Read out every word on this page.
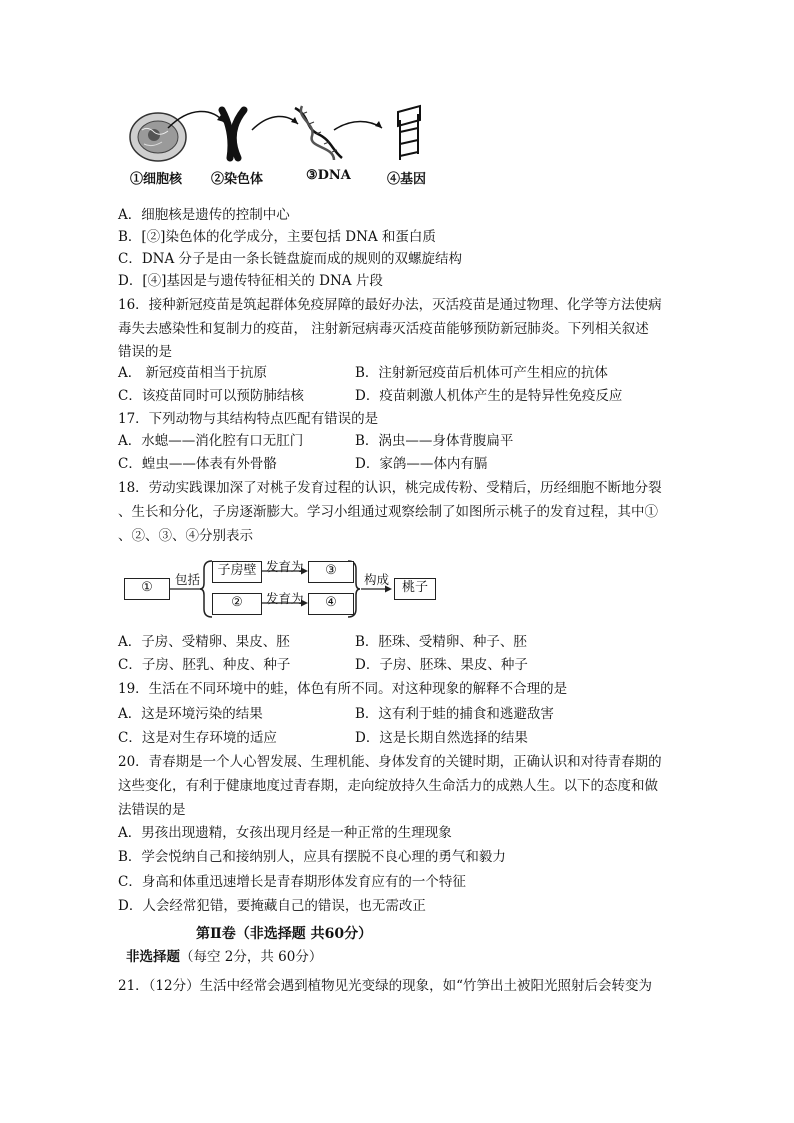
①细胞核 ②染色体	③DNA	④基因
A．细胞核是遗传的控制中心
B．[②]染色体的化学成分，主要包括 DNA 和蛋白质
C．DNA 分子是由一条长链盘旋而成的规则的双螺旋结构
D．[④]基因是与遗传特征相关的 DNA 片段
16．接种新冠疫苗是筑起群体免疫屏障的最好办法，灭活疫苗是通过物理、化学等方法使病
毒失去感染性和复制力的疫苗， 注射新冠病毒灭活疫苗能够预防新冠肺炎。下列相关叙述
错误的是
A． 新冠疫苗相当于抗原	B．注射新冠疫苗后机体可产生相应的抗体
C．该疫苗同时可以预防肺结核	D．疫苗刺激人机体产生的是特异性免疫反应
17．下列动物与其结构特点匹配有错误的是
A．水螅——消化腔有口无肛门	B．涡虫——身体背腹扁平
C．蝗虫——体表有外骨骼	D．家鸽——体内有膈
18．劳动实践课加深了对桃子发育过程的认识，桃完成传粉、受精后，历经细胞不断地分裂
、生长和分化，子房逐渐膨大。学习小组通过观察绘制了如图所示桃子的发育过程，其中①
、②、③、④分别表示
①
包括
子房壁 发育为	③
②	发育为	④
构成
桃子
A．子房、受精卵、果皮、胚	B．胚珠、受精卵、种子、胚
C．子房、胚乳、种皮、种子	D．子房、胚珠、果皮、种子
19．生活在不同环境中的蛙，体色有所不同。对这种现象的解释不合理的是
A．这是环境污染的结果	B．这有利于蛙的捕食和逃避敌害
C．这是对生存环境的适应	D．这是长期自然选择的结果
20．青春期是一个人心智发展、生理机能、身体发育的关键时期，正确认识和对待青春期的
这些变化，有利于健康地度过青春期，走向绽放持久生命活力的成熟人生。以下的态度和做
法错误的是
A．男孩出现遗精，女孩出现月经是一种正常的生理现象
B．学会悦纳自己和接纳别人，应具有摆脱不良心理的勇气和毅力
C．身高和体重迅速增长是青春期形体发育应有的一个特征
D．人会经常犯错，要掩藏自己的错误，也无需改正
第Ⅱ卷（非选择题 共60分）
非选择题（每空 2分，共 60分）
21．（12分）生活中经常会遇到植物见光变绿的现象，如“竹笋出土被阳光照射后会转变为
